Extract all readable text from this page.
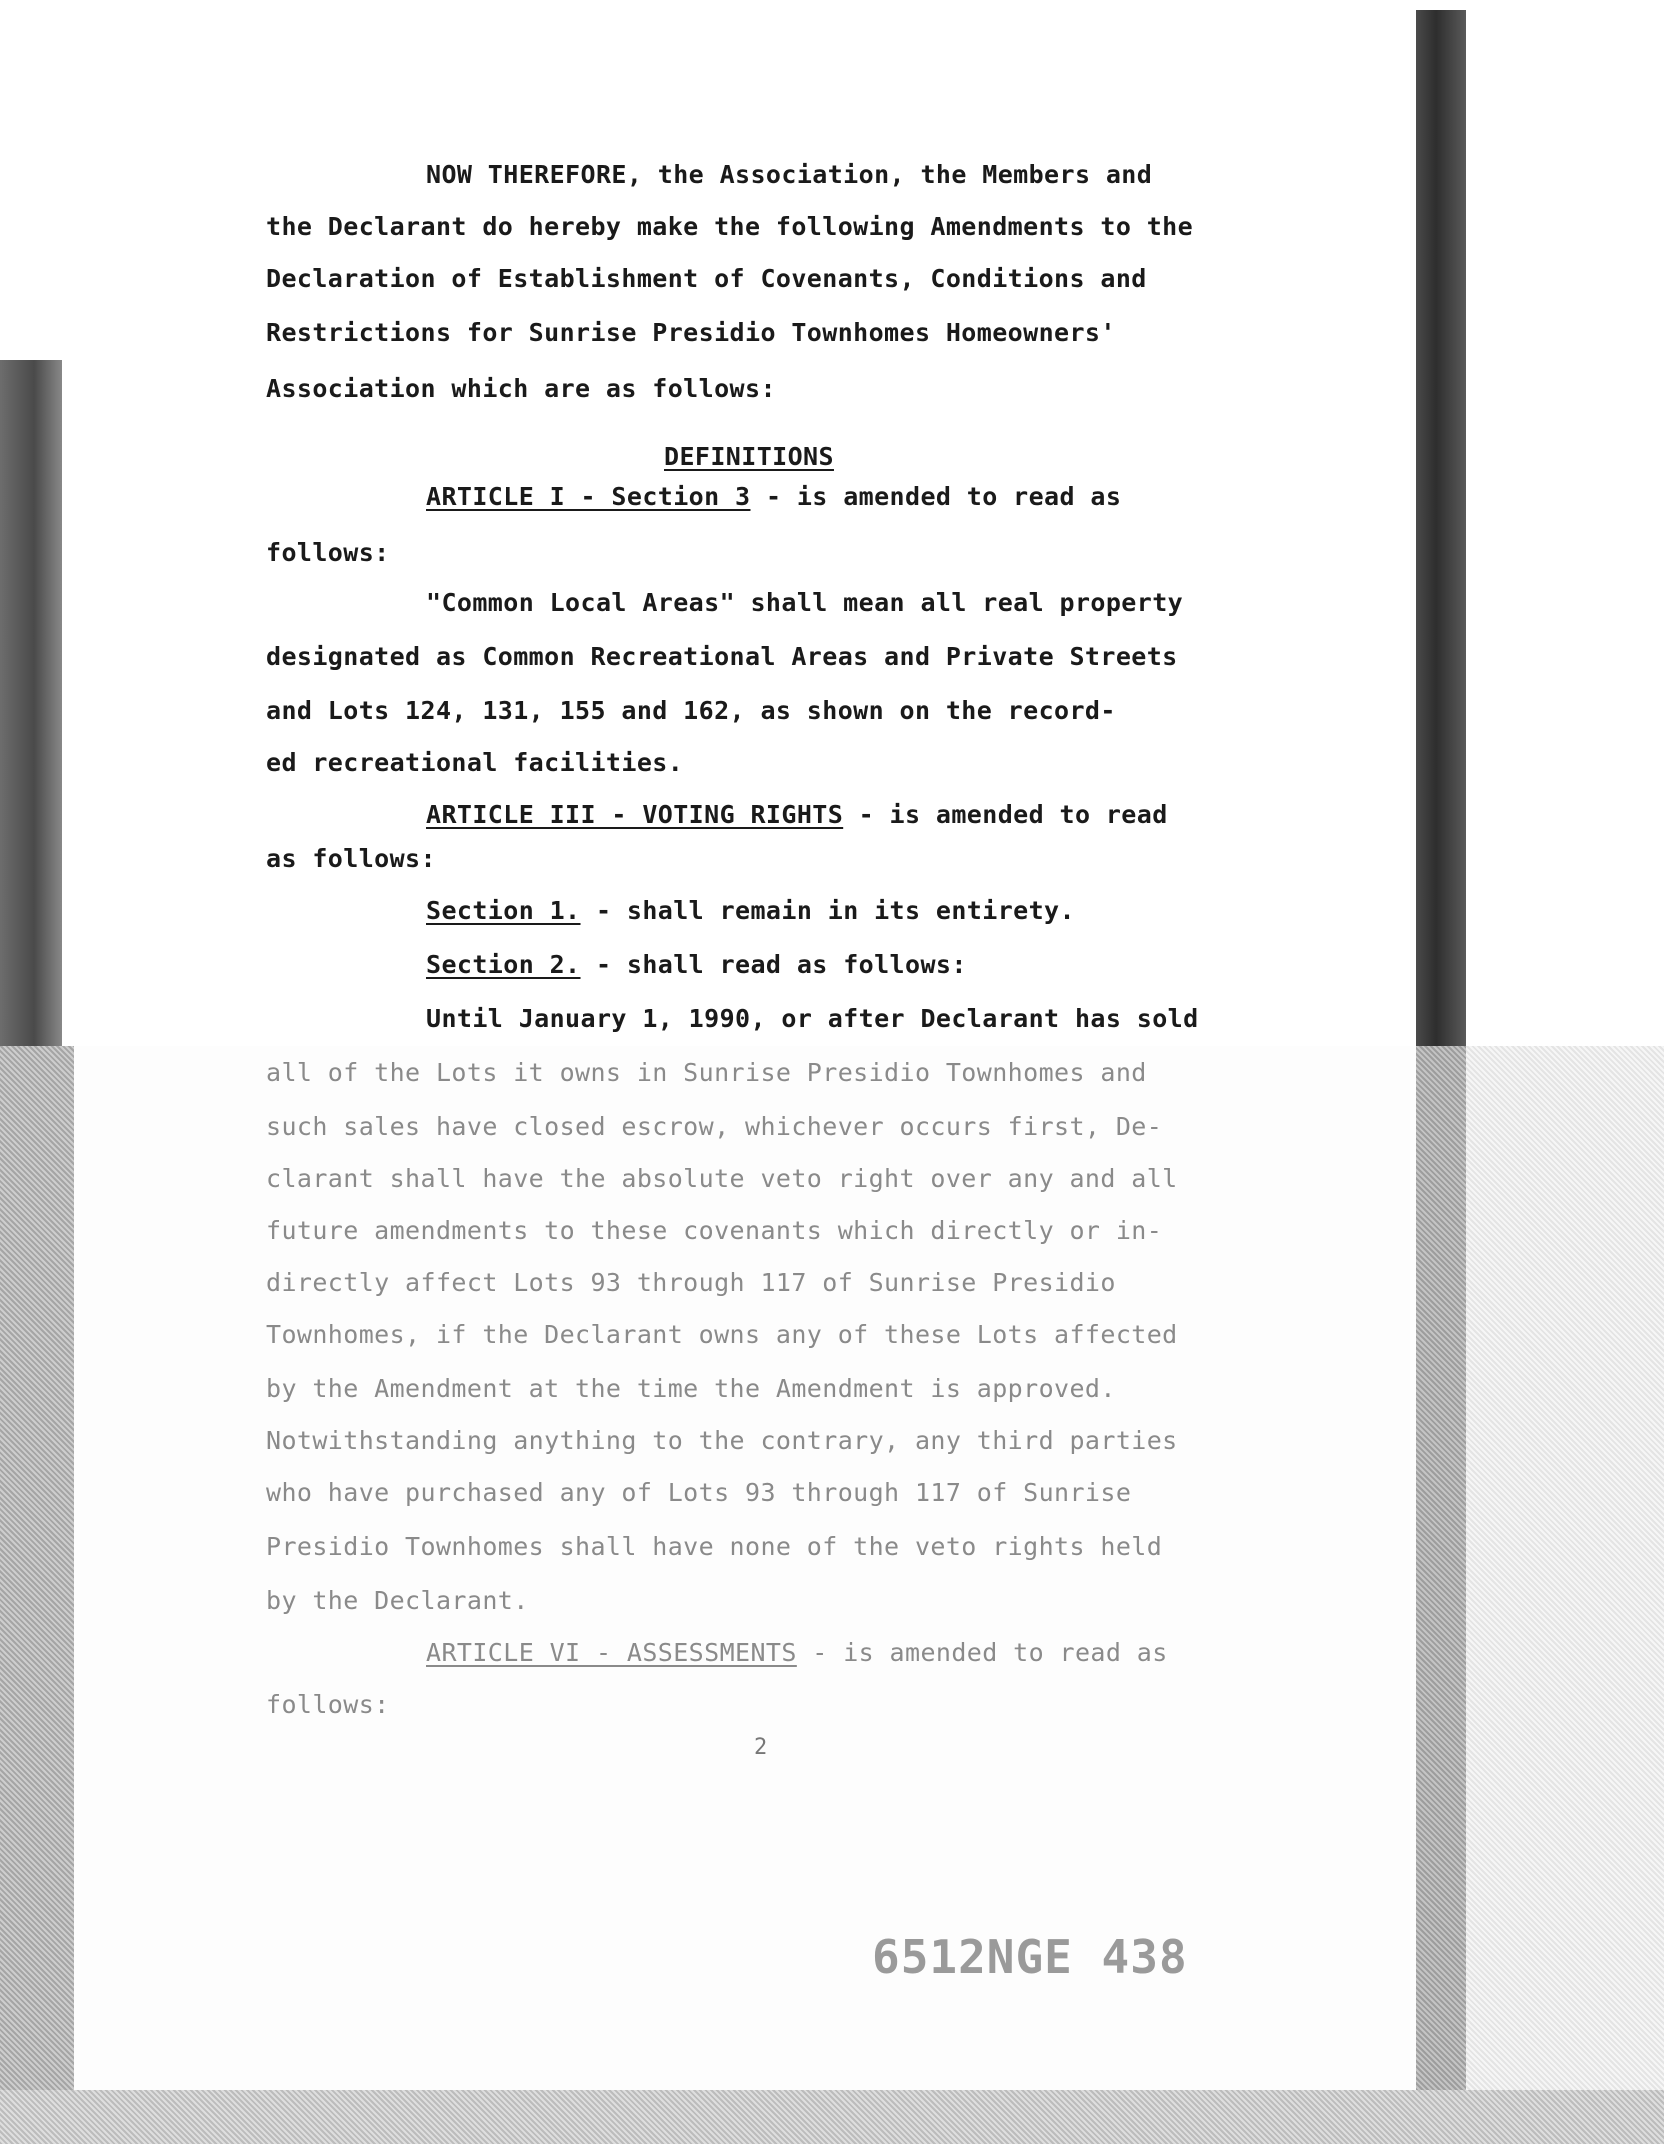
NOW THEREFORE, the Association, the Members and
the Declarant do hereby make the following Amendments to the
Declaration of Establishment of Covenants, Conditions and
Restrictions for Sunrise Presidio Townhomes Homeowners'
Association which are as follows:
DEFINITIONS
ARTICLE I - Section 3 - is amended to read as
follows:
"Common Local Areas" shall mean all real property
designated as Common Recreational Areas and Private Streets
and Lots 124, 131, 155 and 162, as shown on the record-
ed recreational facilities.
ARTICLE III - VOTING RIGHTS - is amended to read
as follows:
Section 1. - shall remain in its entirety.
Section 2. - shall read as follows:
Until January 1, 1990, or after Declarant has sold
all of the Lots it owns in Sunrise Presidio Townhomes and
such sales have closed escrow, whichever occurs first, De-
clarant shall have the absolute veto right over any and all
future amendments to these covenants which directly or in-
directly affect Lots 93 through 117 of Sunrise Presidio
Townhomes, if the Declarant owns any of these Lots affected
by the Amendment at the time the Amendment is approved.
Notwithstanding anything to the contrary, any third parties
who have purchased any of Lots 93 through 117 of Sunrise
Presidio Townhomes shall have none of the veto rights held
by the Declarant.
ARTICLE VI - ASSESSMENTS - is amended to read as
follows:
2
6512NGE 438
